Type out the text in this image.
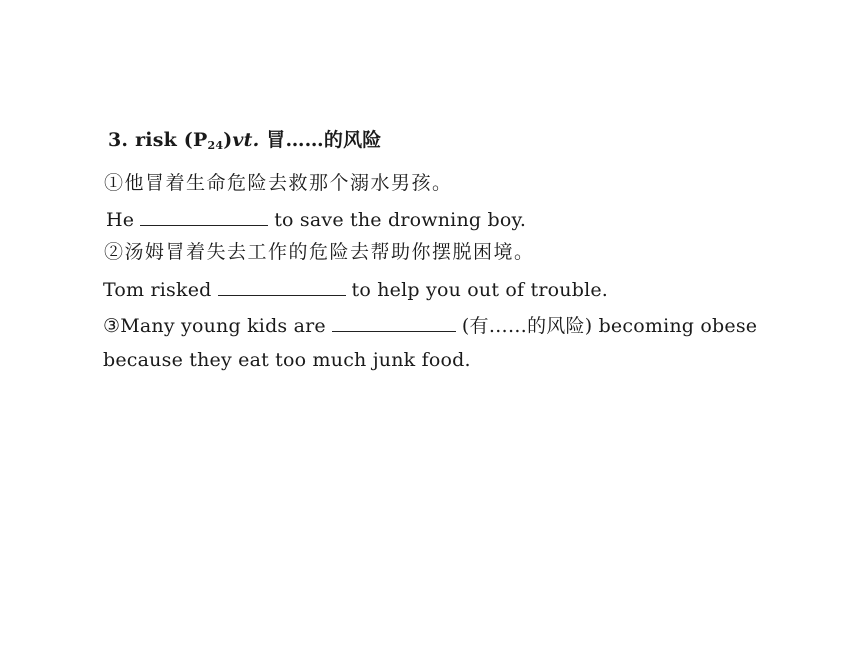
3. risk $(P_{24})vt$. 冒……的风险
①他冒着生命危险去救那个溺水男孩。
He	to save the drowning boy.
②汤姆冒着失去工作的危险去帮助你摆脱困境。
Tom risked	to help you out of trouble.
③Many young kids are	(有……的风险) becoming obese
because they eat too much junk food.
